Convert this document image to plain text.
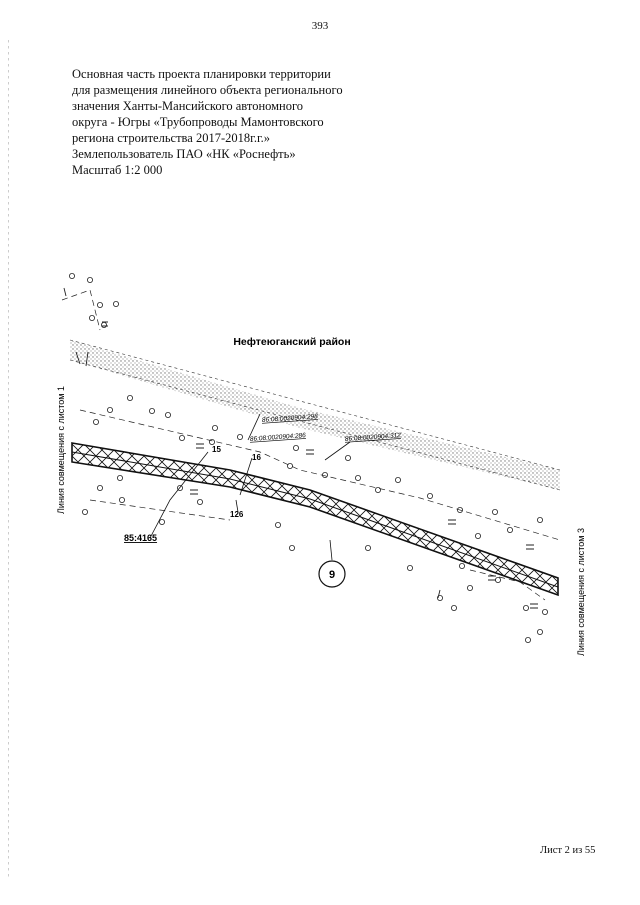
393
Основная часть проекта планировки территории
для размещения линейного объекта регионального
значения Ханты-Мансийского автономного
округа - Югры «Трубопроводы Мамонтовского
региона строительства 2017-2018г.г.»
Землепользователь ПАО «НК «Роснефть»
Масштаб 1:2 000
9
Нефтеюганский район
86:08:0020904:298
86:08:0020904:286	86:08:0020904:312
15
16
126
85:4165
Линия совмещения с листом 1
Линия совмещения с листом 3
Лист 2 из 55
